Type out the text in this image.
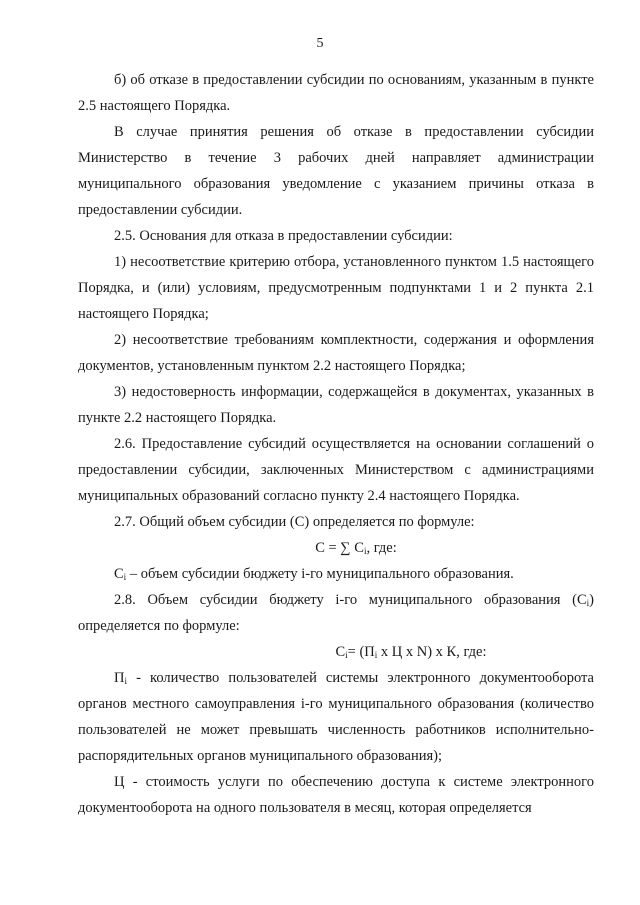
5

б) об отказе в предоставлении субсидии по основаниям, указанным в пункте 2.5 настоящего Порядка.

В случае принятия решения об отказе в предоставлении субсидии Министерство в течение 3 рабочих дней направляет администрации муниципального образования уведомление с указанием причины отказа в предоставлении субсидии.

2.5. Основания для отказа в предоставлении субсидии:

1) несоответствие критерию отбора, установленного пунктом 1.5 настоящего Порядка, и (или) условиям, предусмотренным подпунктами 1 и 2 пункта 2.1 настоящего Порядка;

2) несоответствие требованиям комплектности, содержания и оформления документов, установленным пунктом 2.2 настоящего Порядка;

3) недостоверность информации, содержащейся в документах, указанных в пункте 2.2 настоящего Порядка.

2.6. Предоставление субсидий осуществляется на основании соглашений о предоставлении субсидии, заключенных Министерством с администрациями муниципальных образований согласно пункту 2.4 настоящего Порядка.

2.7. Общий объем субсидии (С) определяется по формуле:

С = ∑ $С_i$, где:

$С_i$ – объем субсидии бюджету i-го муниципального образования.

2.8. Объем субсидии бюджету i-го муниципального образования $(С_i)$ определяется по формуле:

$С_i= (П_i$ x Ц x N) x К, где:

$П_i$ - количество пользователей системы электронного документооборота органов местного самоуправления i-го муниципального образования (количество пользователей не может превышать численность работников исполнительно-распорядительных органов муниципального образования);

Ц - стоимость услуги по обеспечению доступа к системе электронного документооборота на одного пользователя в месяц, которая определяется
